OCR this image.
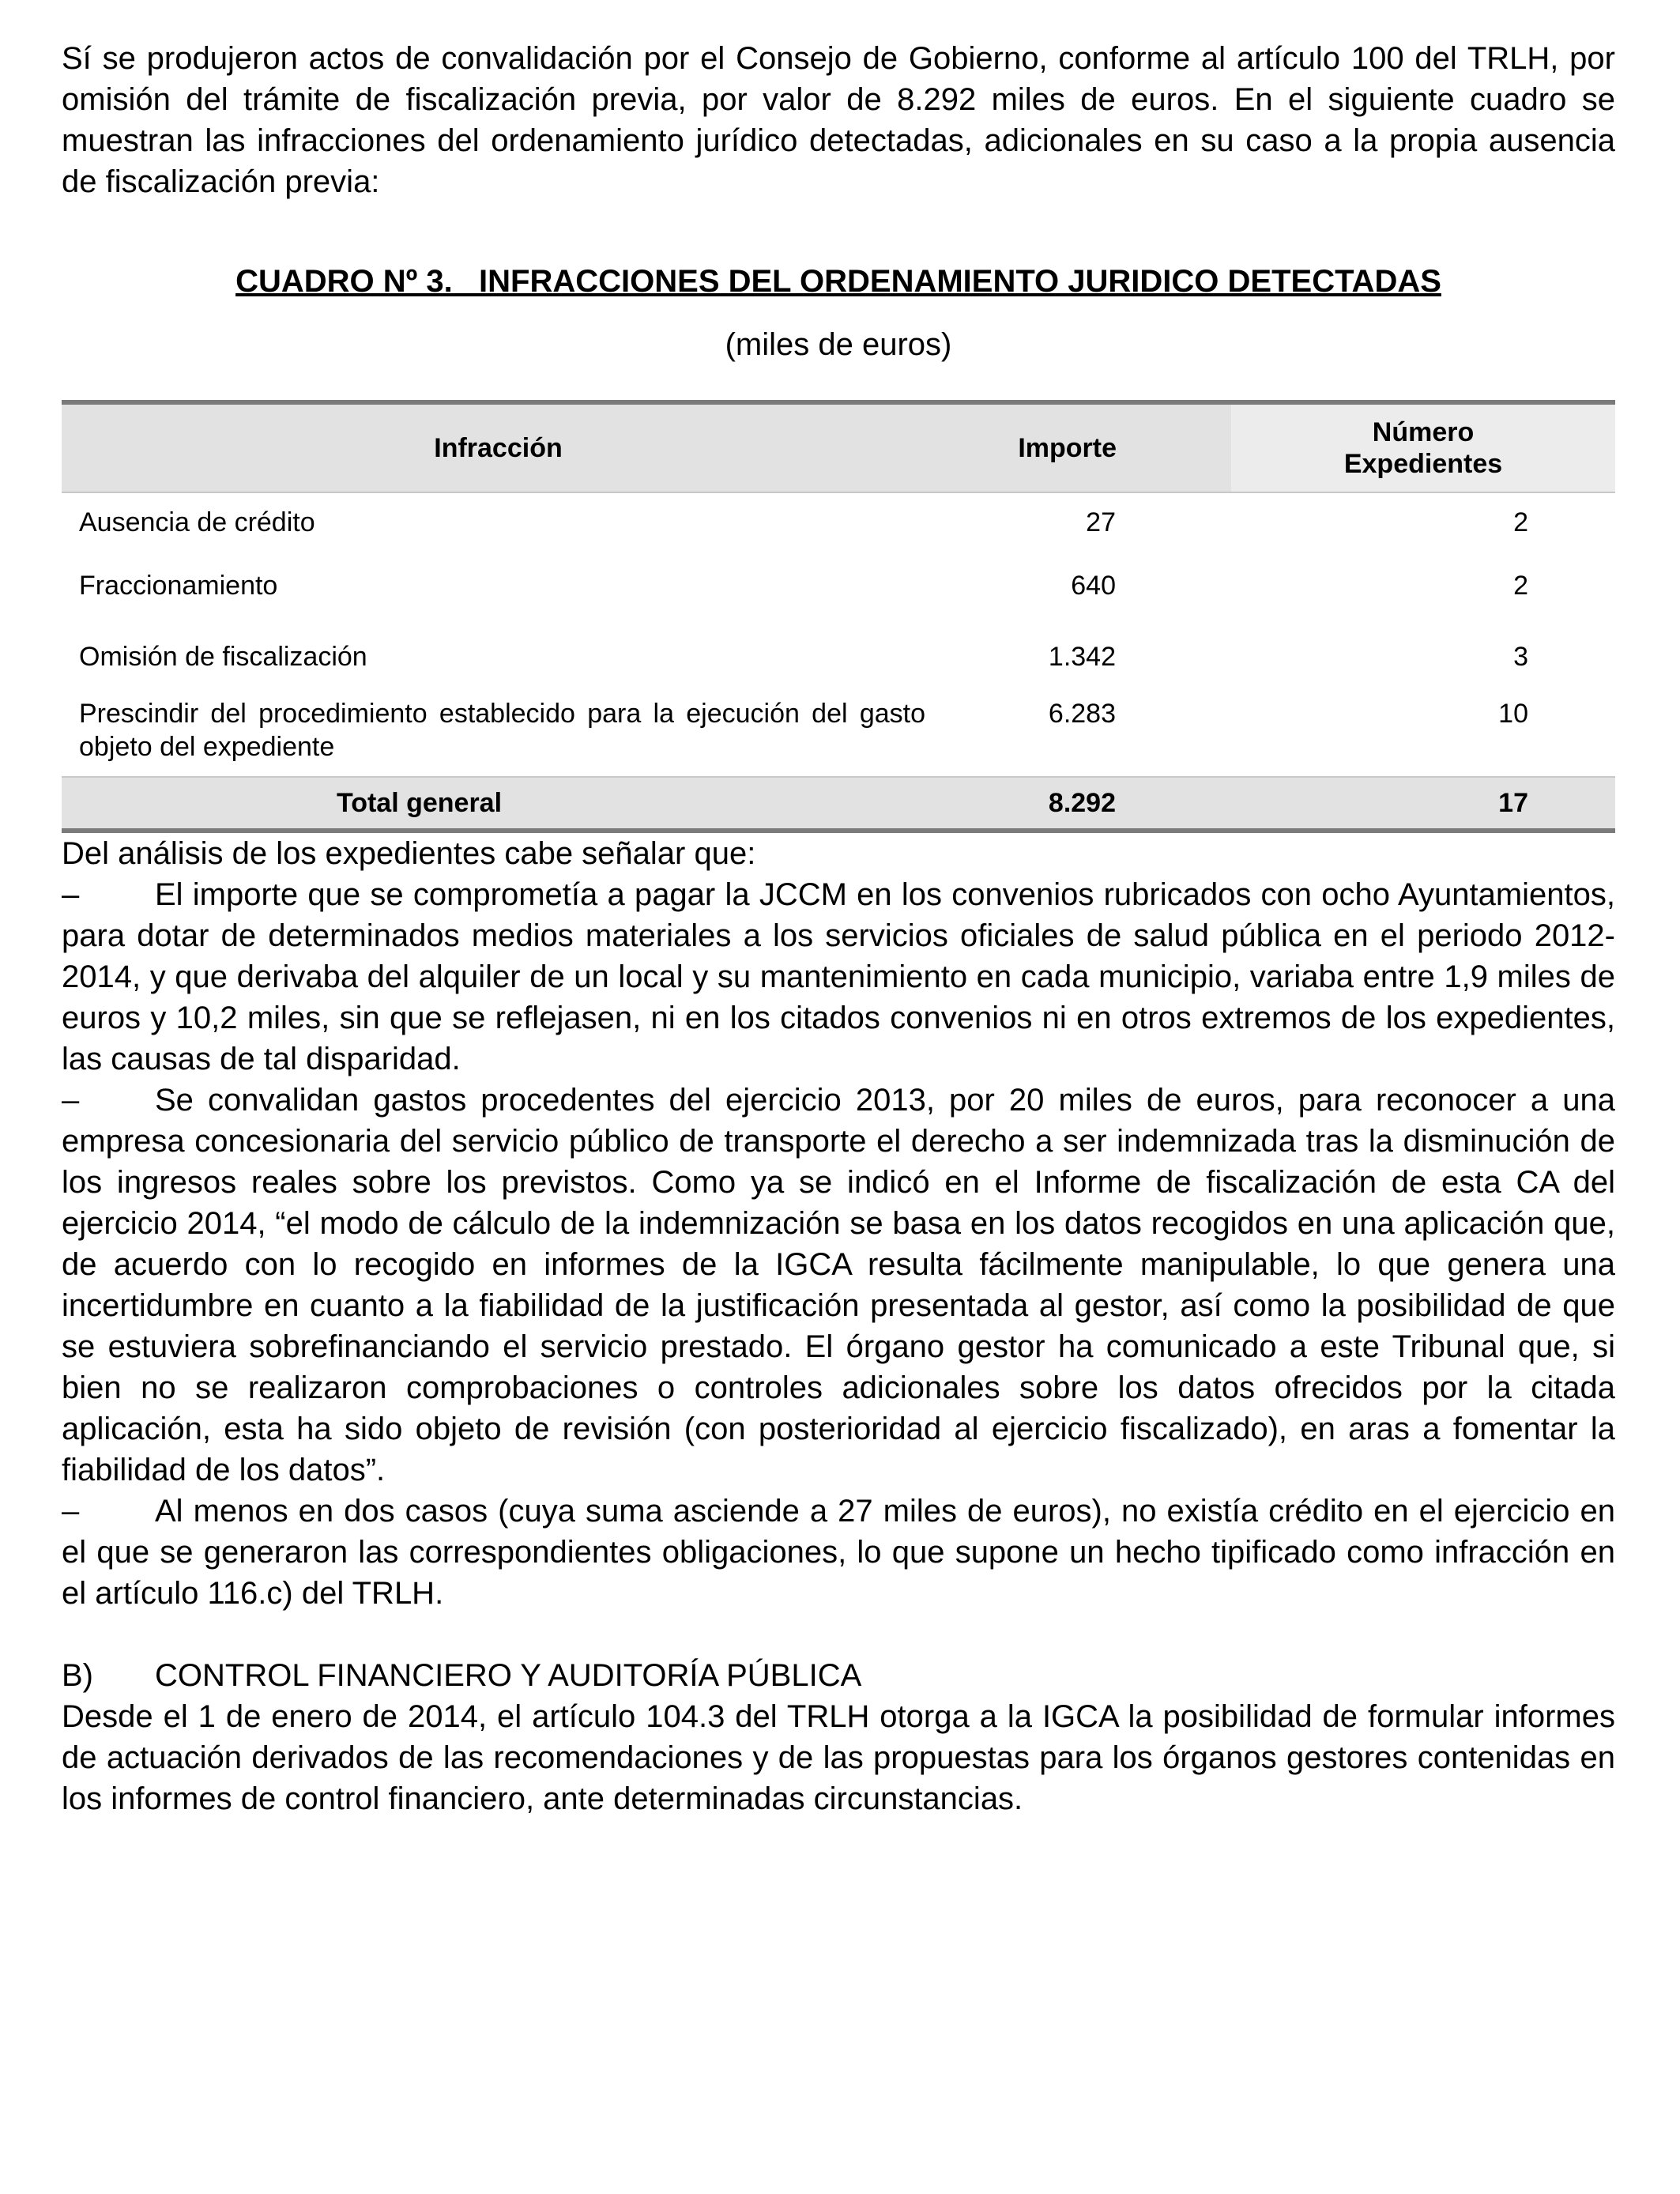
Sí se produjeron actos de convalidación por el Consejo de Gobierno, conforme al artículo 100 del TRLH, por omisión del trámite de fiscalización previa, por valor de 8.292 miles de euros. En el siguiente cuadro se muestran las infracciones del ordenamiento jurídico detectadas, adicionales en su caso a la propia ausencia de fiscalización previa:

CUADRO Nº 3.   INFRACCIONES DEL ORDENAMIENTO JURIDICO DETECTADAS
(miles de euros)
Infracción	Importe	Número
Expedientes
Ausencia de crédito	27	2
Fraccionamiento	640	2
Omisión de fiscalización	1.342	3
Prescindir del procedimiento establecido para la ejecución del gasto objeto del expediente	6.283	10
Total general	8.292	17

Del análisis de los expedientes cabe señalar que:

– El importe que se comprometía a pagar la JCCM en los convenios rubricados con ocho Ayuntamientos, para dotar de determinados medios materiales a los servicios oficiales de salud pública en el periodo 2012-2014, y que derivaba del alquiler de un local y su mantenimiento en cada municipio, variaba entre 1,9 miles de euros y 10,2 miles, sin que se reflejasen, ni en los citados convenios ni en otros extremos de los expedientes, las causas de tal disparidad.

– Se convalidan gastos procedentes del ejercicio 2013, por 20 miles de euros, para reconocer a una empresa concesionaria del servicio público de transporte el derecho a ser indemnizada tras la disminución de los ingresos reales sobre los previstos. Como ya se indicó en el Informe de fiscalización de esta CA del ejercicio 2014, “el modo de cálculo de la indemnización se basa en los datos recogidos en una aplicación que, de acuerdo con lo recogido en informes de la IGCA resulta fácilmente manipulable, lo que genera una incertidumbre en cuanto a la fiabilidad de la justificación presentada al gestor, así como la posibilidad de que se estuviera sobrefinanciando el servicio prestado. El órgano gestor ha comunicado a este Tribunal que, si bien no se realizaron comprobaciones o controles adicionales sobre los datos ofrecidos por la citada aplicación, esta ha sido objeto de revisión (con posterioridad al ejercicio fiscalizado), en aras a fomentar la fiabilidad de los datos”.

– Al menos en dos casos (cuya suma asciende a 27 miles de euros), no existía crédito en el ejercicio en el que se generaron las correspondientes obligaciones, lo que supone un hecho tipificado como infracción en el artículo 116.c) del TRLH.

B) CONTROL FINANCIERO Y AUDITORÍA PÚBLICA

Desde el 1 de enero de 2014, el artículo 104.3 del TRLH otorga a la IGCA la posibilidad de formular informes de actuación derivados de las recomendaciones y de las propuestas para los órganos gestores contenidas en los informes de control financiero, ante determinadas circunstancias.
